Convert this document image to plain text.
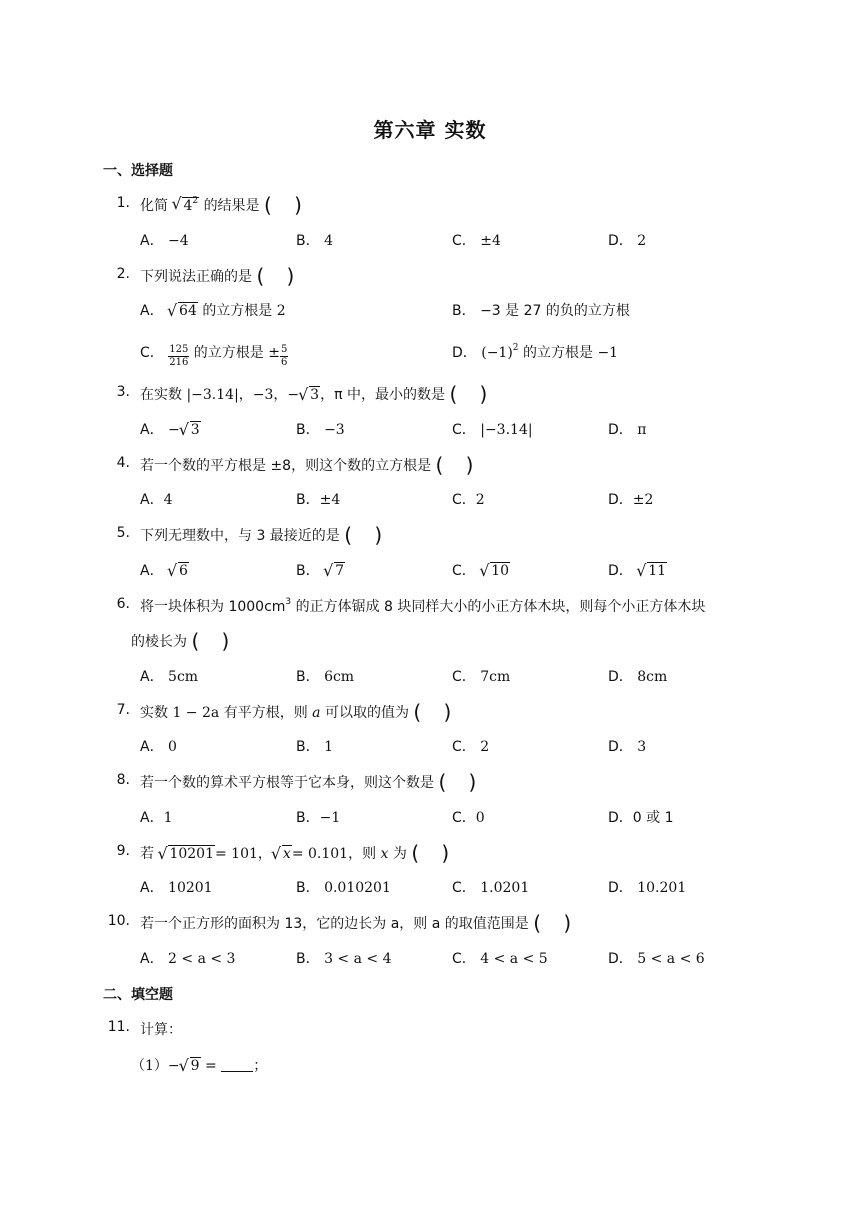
第六章 实数
一、选择题
1. 化简 √ $4^2$ 的结果是 ( )
A． −4	B． 4	C． ±4	D． 2
2. 下列说法正确的是 ( )
A． √ 64 的立方根是 2	B． −3 是 27 的负的立方根
C． $\frac{125}{216}$ 的立方根是 ± $\frac{5}{6}$	D． $(-1)^2$ 的立方根是 −1
3. 在实数 |−3.14|，−3，− √ 3，π 中，最小的数是 ( )
A． − √ 3	B． −3	C． |−3.14|	D． π
4. 若一个数的平方根是 ±8，则这个数的立方根是 ( )
A．4	B．±4	C．2	D．±2
5. 下列无理数中，与 3 最接近的是 ( )
A． √ 6	B． √ 7	C． √ 10	D． √ 11
6. 将一块体积为 $1000cm^3$ 的正方体锯成 8 块同样大小的小正方体木块，则每个小正方体木块
的棱长为 ( )
A． 5cm	B． 6cm	C． 7cm	D． 8cm
7. 实数 1 − 2a 有平方根，则 a 可以取的值为 ( )
A． 0	B． 1	C． 2	D． 3
8. 若一个数的算术平方根等于它本身，则这个数是 ( )
A．1	B．−1	C．0	D．0 或 1
9. 若 √ 10201= 101， √ x= 0.101，则 x 为 ( )
A． 10201	B． 0.010201	C． 1.0201	D． 10.201
10. 若一个正方形的面积为 13，它的边长为 a，则 a 的取值范围是 ( )
A． 2 < a < 3	B． 3 < a < 4	C． 4 < a < 5	D． 5 < a < 6
二、填空题
11. 计算：
（1）− √ 9 =	；
